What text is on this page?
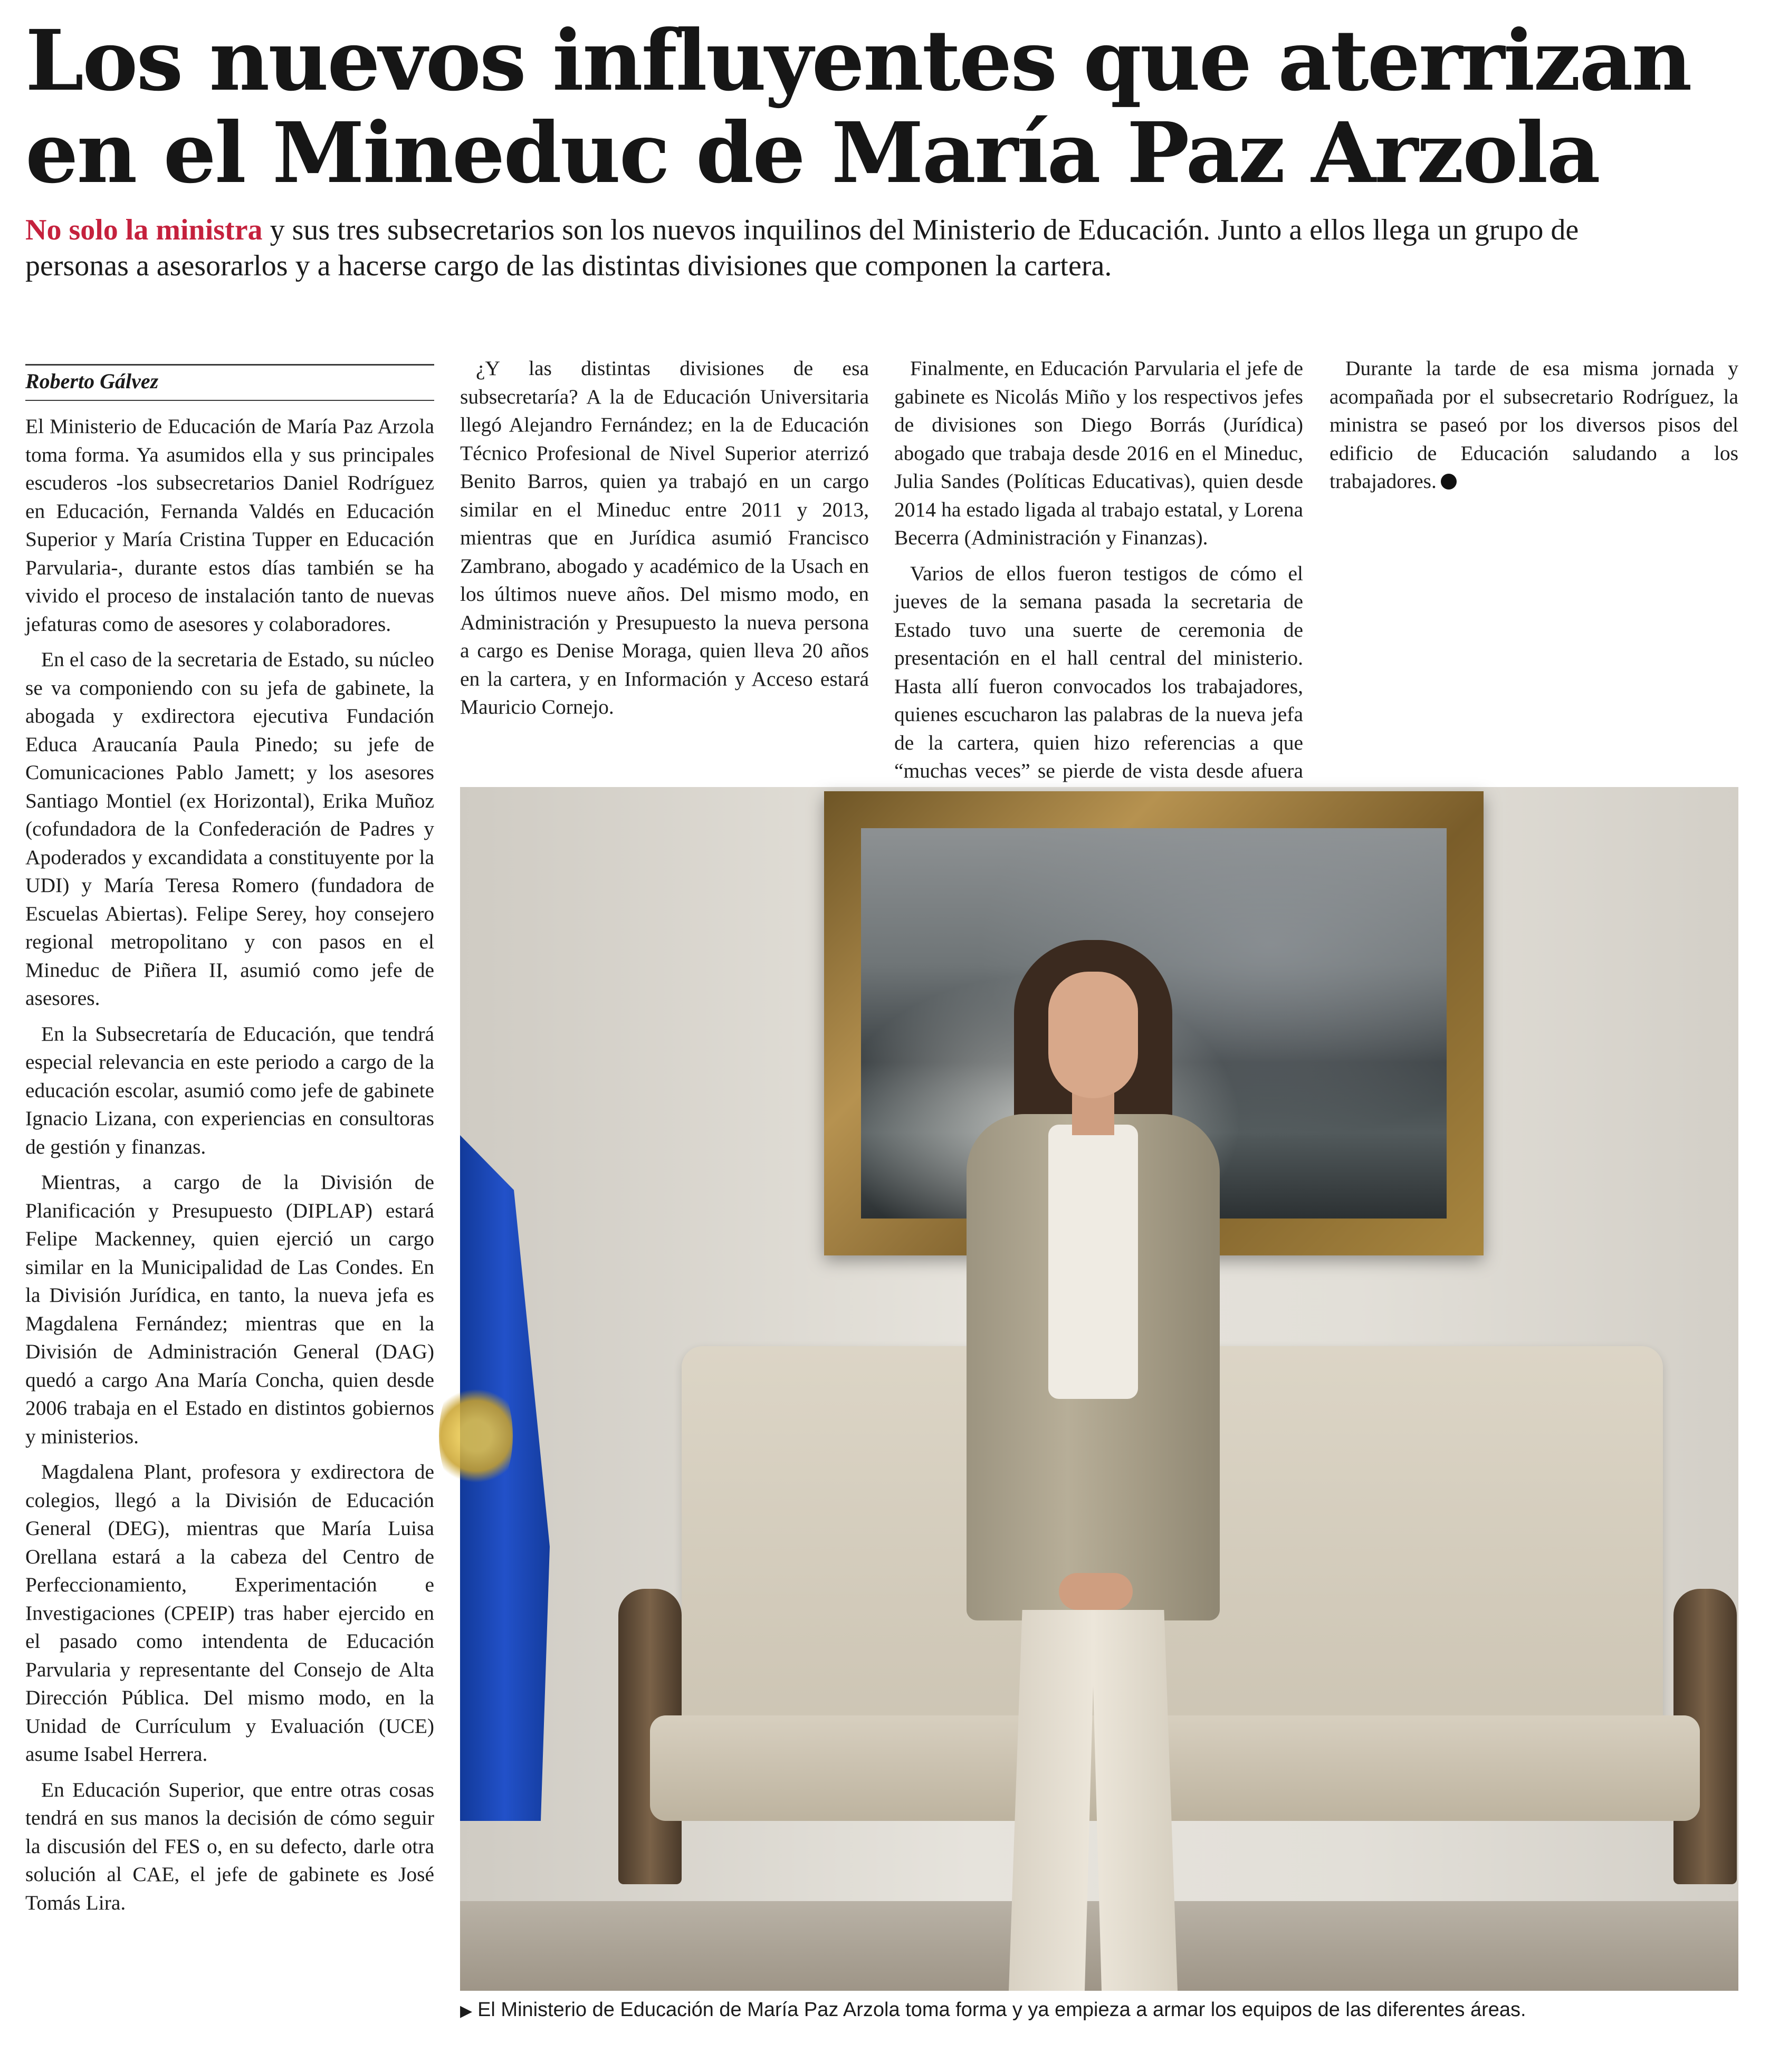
Los nuevos influyentes que aterrizan
en el Mineduc de María Paz Arzola
No solo la ministra y sus tres subsecretarios son los nuevos inquilinos del Ministerio de Educación. Junto a ellos llega un grupo de personas a asesorarlos y a hacerse cargo de las distintas divisiones que componen la cartera.
Roberto Gálvez

El Ministerio de Educación de María Paz Arzola toma forma. Ya asumidos ella y sus principales escuderos -los subsecretarios Daniel Rodríguez en Educación, Fernanda Valdés en Educación Superior y María Cristina Tupper en Educación Parvularia-, durante estos días también se ha vivido el proceso de instalación tanto de nuevas jefaturas como de asesores y colaboradores.

En el caso de la secretaria de Estado, su núcleo se va componiendo con su jefa de gabinete, la abogada y exdirectora ejecutiva Fundación Educa Araucanía Paula Pinedo; su jefe de Comunicaciones Pablo Jamett; y los asesores Santiago Montiel (ex Horizontal), Erika Muñoz (cofundadora de la Confederación de Padres y Apoderados y excandidata a constituyente por la UDI) y María Teresa Romero (fundadora de Escuelas Abiertas). Felipe Serey, hoy consejero regional metropolitano y con pasos en el Mineduc de Piñera II, asumió como jefe de asesores.

En la Subsecretaría de Educación, que tendrá especial relevancia en este periodo a cargo de la educación escolar, asumió como jefe de gabinete Ignacio Lizana, con experiencias en consultoras de gestión y finanzas.

Mientras, a cargo de la División de Planificación y Presupuesto (DIPLAP) estará Felipe Mackenney, quien ejerció un cargo similar en la Municipalidad de Las Condes. En la División Jurídica, en tanto, la nueva jefa es Magdalena Fernández; mientras que en la División de Administración General (DAG) quedó a cargo Ana María Concha, quien desde 2006 trabaja en el Estado en distintos gobiernos y ministerios.

Magdalena Plant, profesora y exdirectora de colegios, llegó a la División de Educación General (DEG), mientras que María Luisa Orellana estará a la cabeza del Centro de Perfeccionamiento, Experimentación e Investigaciones (CPEIP) tras haber ejercido en el pasado como intendenta de Educación Parvularia y representante del Consejo de Alta Dirección Pública. Del mismo modo, en la Unidad de Currículum y Evaluación (UCE) asume Isabel Herrera.

En Educación Superior, que entre otras cosas tendrá en sus manos la decisión de cómo seguir la discusión del FES o, en su defecto, darle otra solución al CAE, el jefe de gabinete es José Tomás Lira.

¿Y las distintas divisiones de esa subsecretaría? A la de Educación Universitaria llegó Alejandro Fernández; en la de Educación Técnico Profesional de Nivel Superior aterrizó Benito Barros, quien ya trabajó en un cargo similar en el Mineduc entre 2011 y 2013, mientras que en Jurídica asumió Francisco Zambrano, abogado y académico de la Usach en los últimos nueve años. Del mismo modo, en Administración y Presupuesto la nueva persona a cargo es Denise Moraga, quien lleva 20 años en la cartera, y en Información y Acceso estará Mauricio Cornejo.

Finalmente, en Educación Parvularia el jefe de gabinete es Nicolás Miño y los respectivos jefes de divisiones son Diego Borrás (Jurídica) abogado que trabaja desde 2016 en el Mineduc, Julia Sandes (Políticas Educativas), quien desde 2014 ha estado ligada al trabajo estatal, y Lorena Becerra (Administración y Finanzas).

Varios de ellos fueron testigos de cómo el jueves de la semana pasada la secretaria de Estado tuvo una suerte de ceremonia de presentación en el hall central del ministerio. Hasta allí fueron convocados los trabajadores, quienes escucharon las palabras de la nueva jefa de la cartera, quien hizo referencias a que “muchas veces” se pierde de vista desde afuera

Durante la tarde de esa misma jornada y acompañada por el subsecretario Rodríguez, la ministra se paseó por los diversos pisos del edificio de Educación saludando a los trabajadores.

▶ El Ministerio de Educación de María Paz Arzola toma forma y ya empieza a armar los equipos de las diferentes áreas.
